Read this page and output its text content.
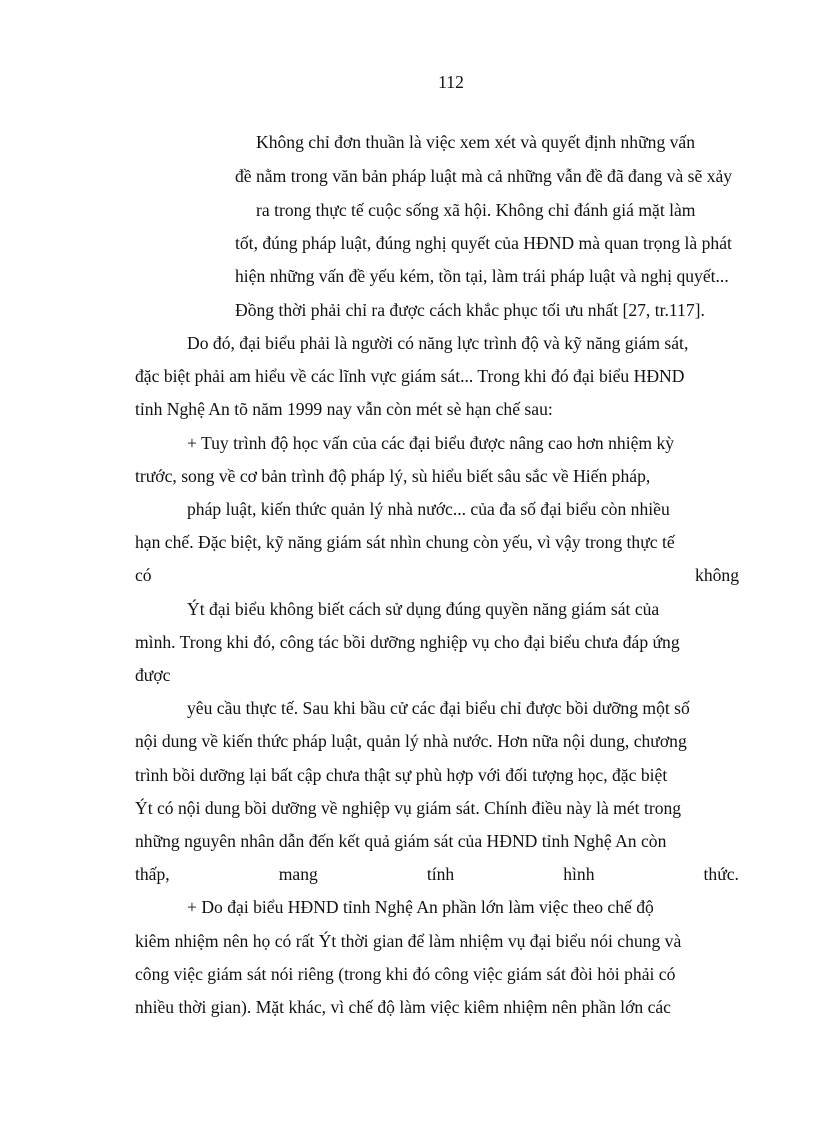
112
Không chỉ đơn thuần là việc xem xét và quyết định những vấn
đề nằm trong văn bản pháp luật mà cả những vẫn đề đã đang và sẽ xảy
ra trong thực tế cuộc sống xã hội. Không chỉ đánh giá mặt làm
tốt, đúng pháp luật, đúng nghị quyết của HĐND mà quan trọng là phát
hiện những vấn đề yếu kém, tồn tại, làm trái pháp luật và nghị quyết...
Đồng thời phải chỉ ra được cách khắc phục tối ưu nhất [27, tr.117].
Do đó, đại biểu phải là người có năng lực trình độ và kỹ năng giám sát,
đặc biệt phải am hiểu về các lĩnh vực giám sát... Trong khi đó đại biểu HĐND
tỉnh Nghệ An tõ năm 1999 nay vẫn còn mét sè hạn chế sau:
+ Tuy trình độ học vấn của các đại biểu được nâng cao hơn nhiệm kỳ
trước, song về cơ bản trình độ pháp lý, sù hiểu biết sâu sắc về Hiến pháp,
pháp luật, kiến thức quản lý nhà nước... của đa số đại biểu còn nhiều
hạn chế. Đặc biệt, kỹ năng giám sát nhìn chung còn yếu, vì vậy trong thực tế
có	không
Ýt đại biểu không biết cách sử dụng đúng quyền năng giám sát của
mình. Trong khi đó, công tác bồi dưỡng nghiệp vụ cho đại biểu chưa đáp ứng
được
yêu cầu thực tế. Sau khi bầu cử các đại biểu chỉ được bồi dưỡng một số
nội dung về kiến thức pháp luật, quản lý nhà nước. Hơn nữa nội dung, chương
trình bồi dưỡng lại bất cập chưa thật sự phù hợp với đối tượng học, đặc biệt
Ýt có nội dung bồi dưỡng về nghiệp vụ giám sát. Chính điều này là mét trong
những nguyên nhân dẫn đến kết quả giám sát của HĐND tỉnh Nghệ An còn
thấp,	mang	tính	hình	thức.
+ Do đại biểu HĐND tỉnh Nghệ An phần lớn làm việc theo chế độ
kiêm nhiệm nên họ có rất Ýt thời gian để làm nhiệm vụ đại biểu nói chung và
công việc giám sát nói riêng (trong khi đó công việc giám sát đòi hỏi phải có
nhiều thời gian). Mặt khác, vì chế độ làm việc kiêm nhiệm nên phần lớn các
